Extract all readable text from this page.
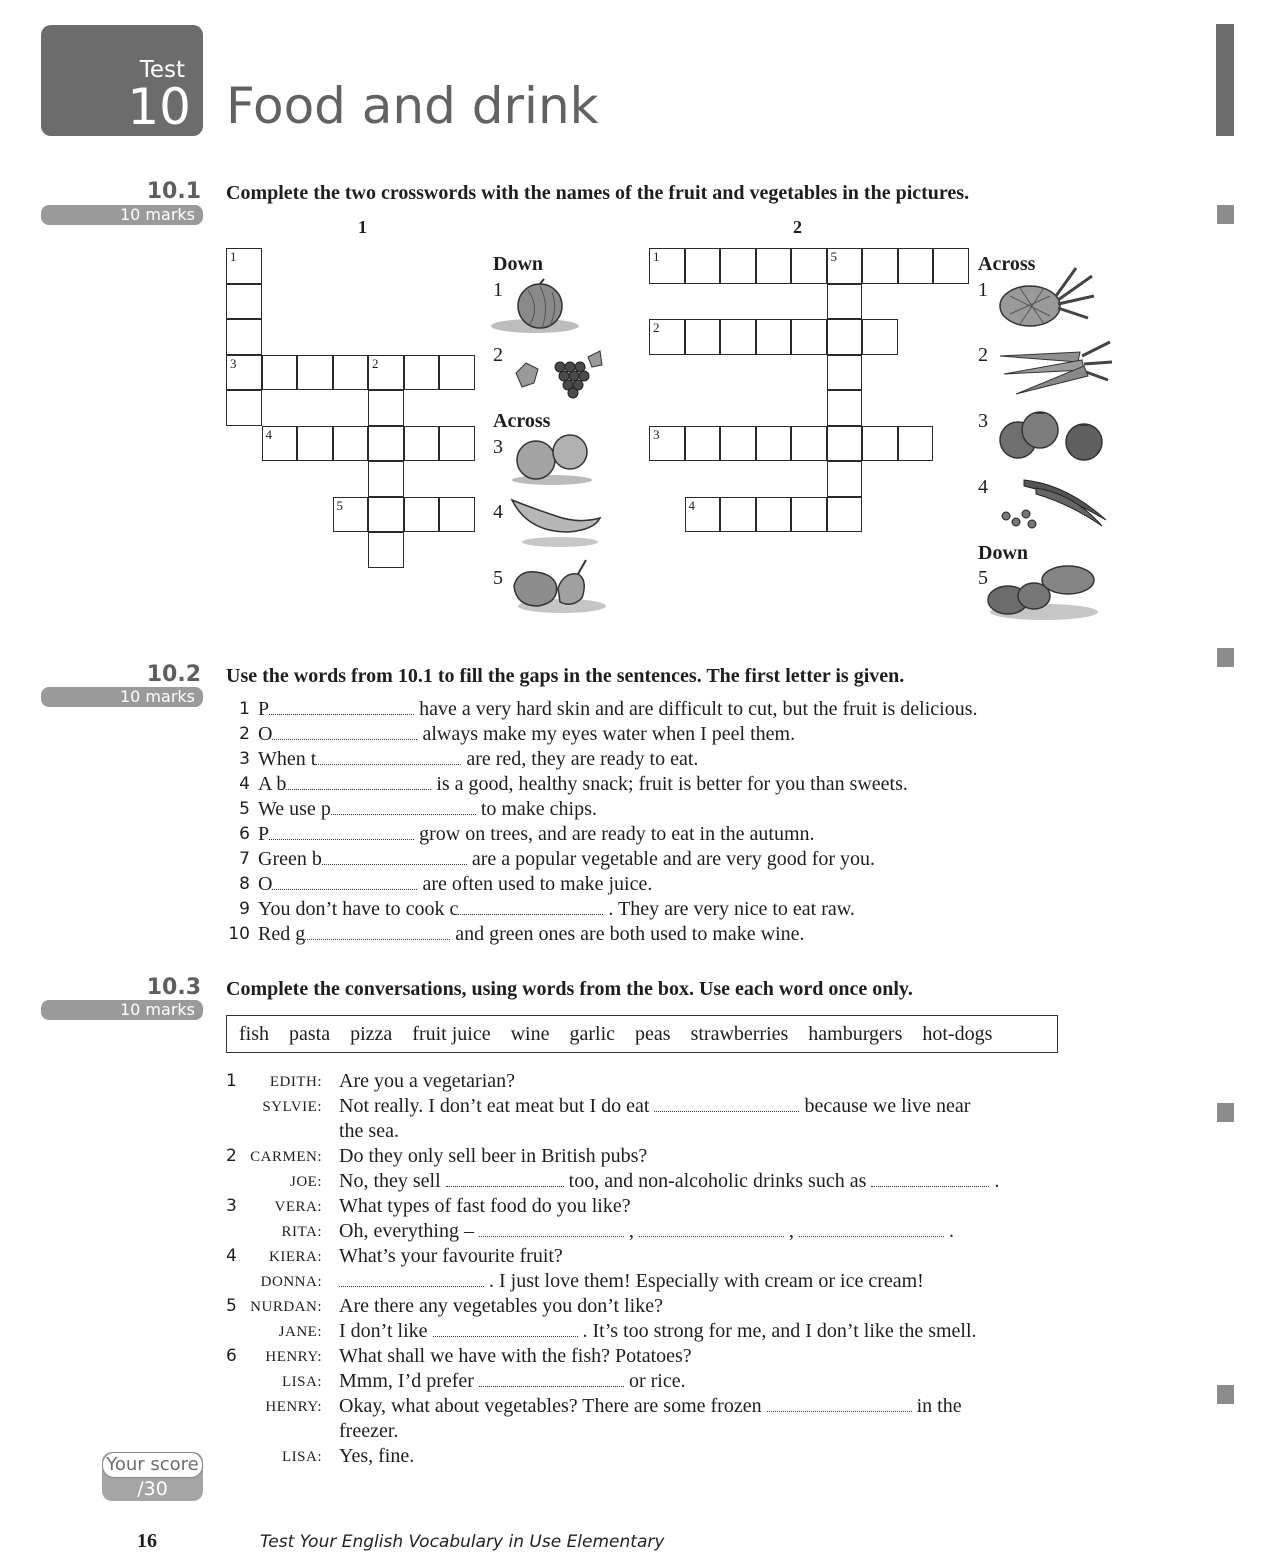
Test
10 Food and drink
10.1
10 marks
Complete the two crosswords with the names of the fruit and vegetables in the pictures.
1	2
1
3	2
4
5
1	5
2
3
4
Down
1
2
Across
3
4
5
Across
1
2
3
4
Down
5
10.2
10 marks
Use the words from 10.1 to fill the gaps in the sentences. The first letter is given.
1 P	have a very hard skin and are difficult to cut, but the fruit is delicious.
2 O	always make my eyes water when I peel them.
3 When t	are red, they are ready to eat.
4 A b	is a good, healthy snack; fruit is better for you than sweets.
5 We use p	to make chips.
6 P	grow on trees, and are ready to eat in the autumn.
7 Green b	are a popular vegetable and are very good for you.
8 O	are often used to make juice.
9 You don’t have to cook c	. They are very nice to eat raw.
10 Red g	and green ones are both used to make wine.
10.3
10 marks
Complete the conversations, using words from the box. Use each word once only.
fish pasta pizza fruit juice wine garlic peas strawberries hamburgers hot-dogs
1	EDITH: Are you a vegetarian?
SYLVIE: Not really. I don’t eat meat but I do eat	because we live near
the sea.
2 CARMEN: Do they only sell beer in British pubs?
JOE: No, they sell	too, and non-alcoholic drinks such as	.
3	VERA: What types of fast food do you like?
RITA: Oh, everything –	,	,	.
4	KIERA: What’s your favourite fruit?
DONNA:	. I just love them! Especially with cream or ice cream!
5 NURDAN: Are there any vegetables you don’t like?
JANE: I don’t like	. It’s too strong for me, and I don’t like the smell.
6	HENRY: What shall we have with the fish? Potatoes?
LISA: Mmm, I’d prefer	or rice.
HENRY: Okay, what about vegetables? There are some frozen	in the
freezer.
LISA: Yes, fine.
Your score
/30
16	Test Your English Vocabulary in Use Elementary
